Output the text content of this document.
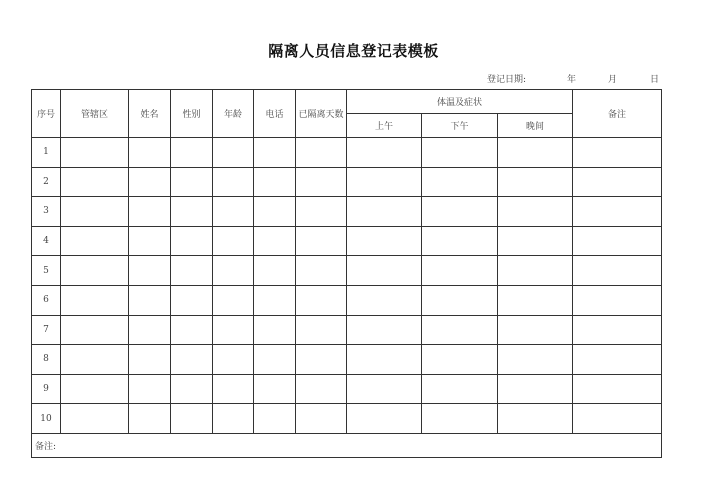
隔离人员信息登记表模板
登记日期:	年	月	日
序号	管辖区	姓名	性别	年龄	电话	已隔离天数	体温及症状			备注
							上午	下午	晚间	
1										
2										
3										
4										
5										
6										
7										
8										
9										
10										
备注:										
